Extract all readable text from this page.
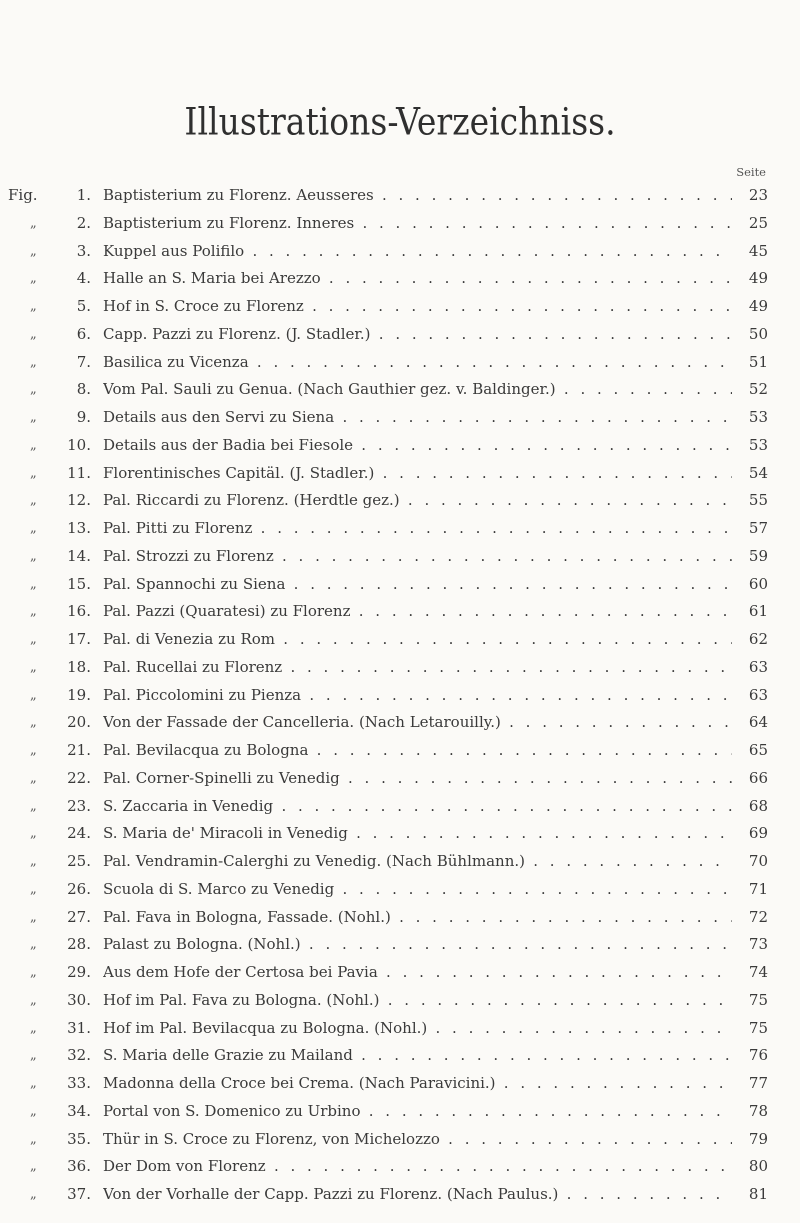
Illustrations-Verzeichniss.
Seite
Fig.	1. Baptisterium zu Florenz. Aeusseres . . .	23
„	2. Baptisterium zu Florenz. Inneres . . .	25
„	3. Kuppel aus Polifilo . . .	45
„	4. Halle an S. Maria bei Arezzo . . .	49
„	5. Hof in S. Croce zu Florenz . . .	49
„	6. Capp. Pazzi zu Florenz. (J. Stadler.) . . .	50
„	7. Basilica zu Vicenza . . .	51
„	8. Vom Pal. Sauli zu Genua. (Nach Gauthier gez. v. Baldinger.) . . .	52
„	9. Details aus den Servi zu Siena . . .	53
„	10. Details aus der Badia bei Fiesole . . .	53
„	11. Florentinisches Capitäl. (J. Stadler.) . . .	54
„	12. Pal. Riccardi zu Florenz. (Herdtle gez.) . . .	55
„	13. Pal. Pitti zu Florenz . . .	57
„	14. Pal. Strozzi zu Florenz . . .	59
„	15. Pal. Spannochi zu Siena . . .	60
„	16. Pal. Pazzi (Quaratesi) zu Florenz . . .	61
„	17. Pal. di Venezia zu Rom . . .	62
„	18. Pal. Rucellai zu Florenz . . .	63
„	19. Pal. Piccolomini zu Pienza . . .	63
„	20. Von der Fassade der Cancelleria. (Nach Letarouilly.) . . .	64
„	21. Pal. Bevilacqua zu Bologna . . .	65
„	22. Pal. Corner-Spinelli zu Venedig . . .	66
„	23. S. Zaccaria in Venedig . . .	68
„	24. S. Maria de' Miracoli in Venedig . . .	69
„	25. Pal. Vendramin-Calerghi zu Venedig. (Nach Bühlmann.) . . .	70
„	26. Scuola di S. Marco zu Venedig . . .	71
„	27. Pal. Fava in Bologna, Fassade. (Nohl.) . . .	72
„	28. Palast zu Bologna. (Nohl.) . . .	73
„	29. Aus dem Hofe der Certosa bei Pavia . . .	74
„	30. Hof im Pal. Fava zu Bologna. (Nohl.) . . .	75
„	31. Hof im Pal. Bevilacqua zu Bologna. (Nohl.) . . .	75
„	32. S. Maria delle Grazie zu Mailand . . .	76
„	33. Madonna della Croce bei Crema. (Nach Paravicini.) . . .	77
„	34. Portal von S. Domenico zu Urbino . . .	78
„	35. Thür in S. Croce zu Florenz, von Michelozzo . . .	79
„	36. Der Dom von Florenz . . .	80
„	37. Von der Vorhalle der Capp. Pazzi zu Florenz. (Nach Paulus.) . . .	81
